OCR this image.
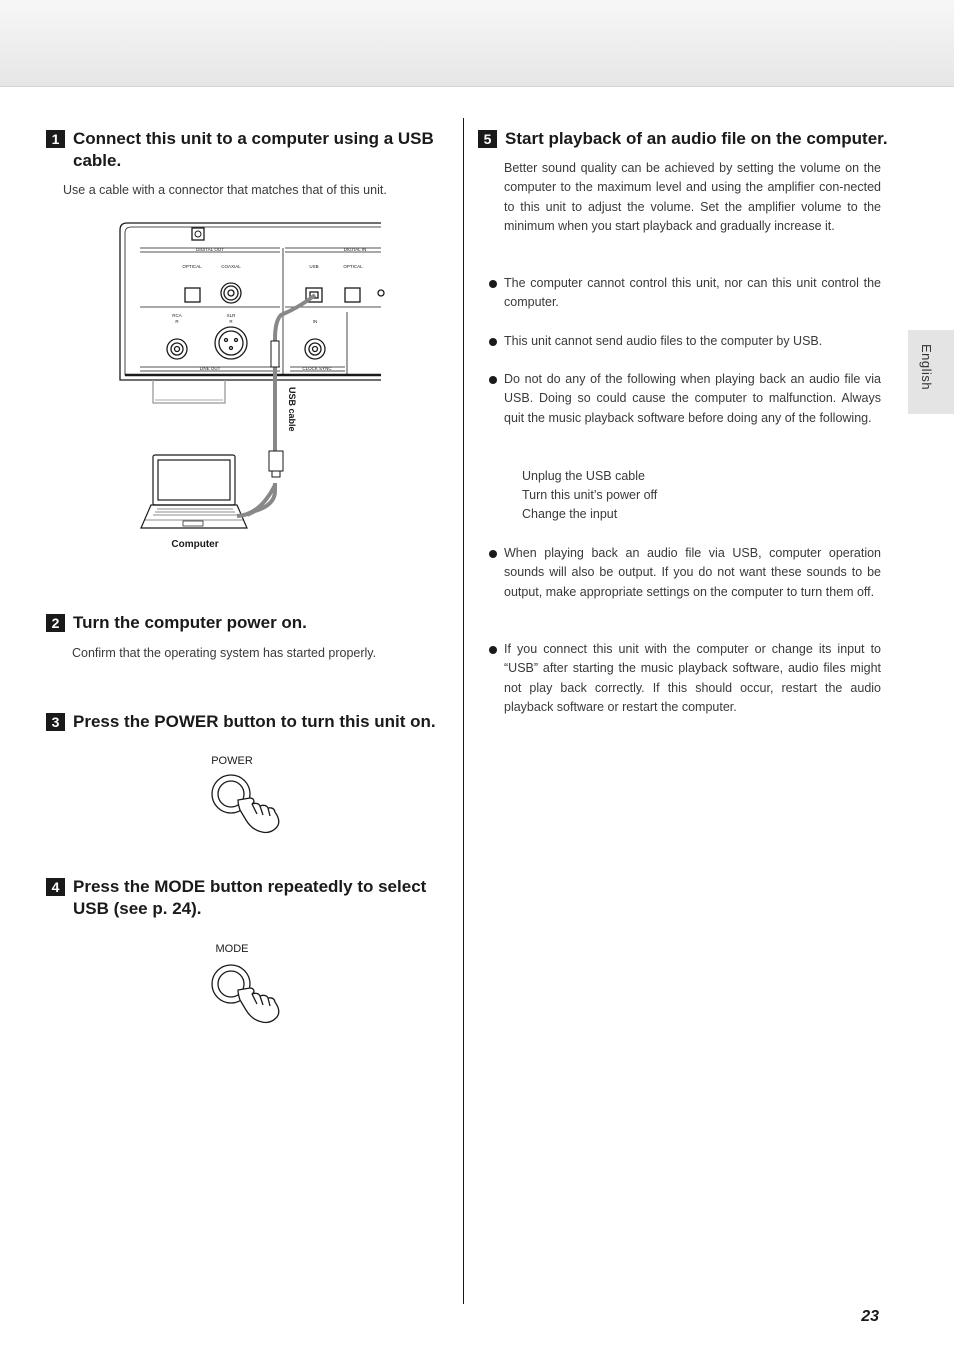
1 Connect this unit to a computer using a USB cable.
Use a cable with a connector that matches that of this unit.
DIGITAL OUT	DIGITAL IN
OPTICAL	COAXIAL	USB	OPTICAL
RCA
R
XLR
R	IN
LINE OUT	CLOCK SYNC
USB cable
Computer
2 Turn the computer power on.
Confirm that the operating system has started properly.
3 Press the POWER button to turn this unit on.
POWER
4 Press the MODE button repeatedly to select USB (see p. 24).
MODE
5 Start playback of an audio file on the computer.
Better sound quality can be achieved by setting the volume on the computer to the maximum level and using the amplifier con-nected to this unit to adjust the volume. Set the amplifier volume to the minimum when you start playback and gradually increase it.
The computer cannot control this unit, nor can this unit control the computer.
This unit cannot send audio files to the computer by USB.
Do not do any of the following when playing back an audio file via USB. Doing so could cause the computer to malfunction. Always quit the music playback software before doing any of the following.
Unplug the USB cable
Turn this unit’s power off
Change the input
When playing back an audio file via USB, computer operation sounds will also be output. If you do not want these sounds to be output, make appropriate settings on the computer to turn them off.
If you connect this unit with the computer or change its input to “USB” after starting the music playback software, audio files might not play back correctly. If this should occur, restart the audio playback software or restart the computer.
English
23
